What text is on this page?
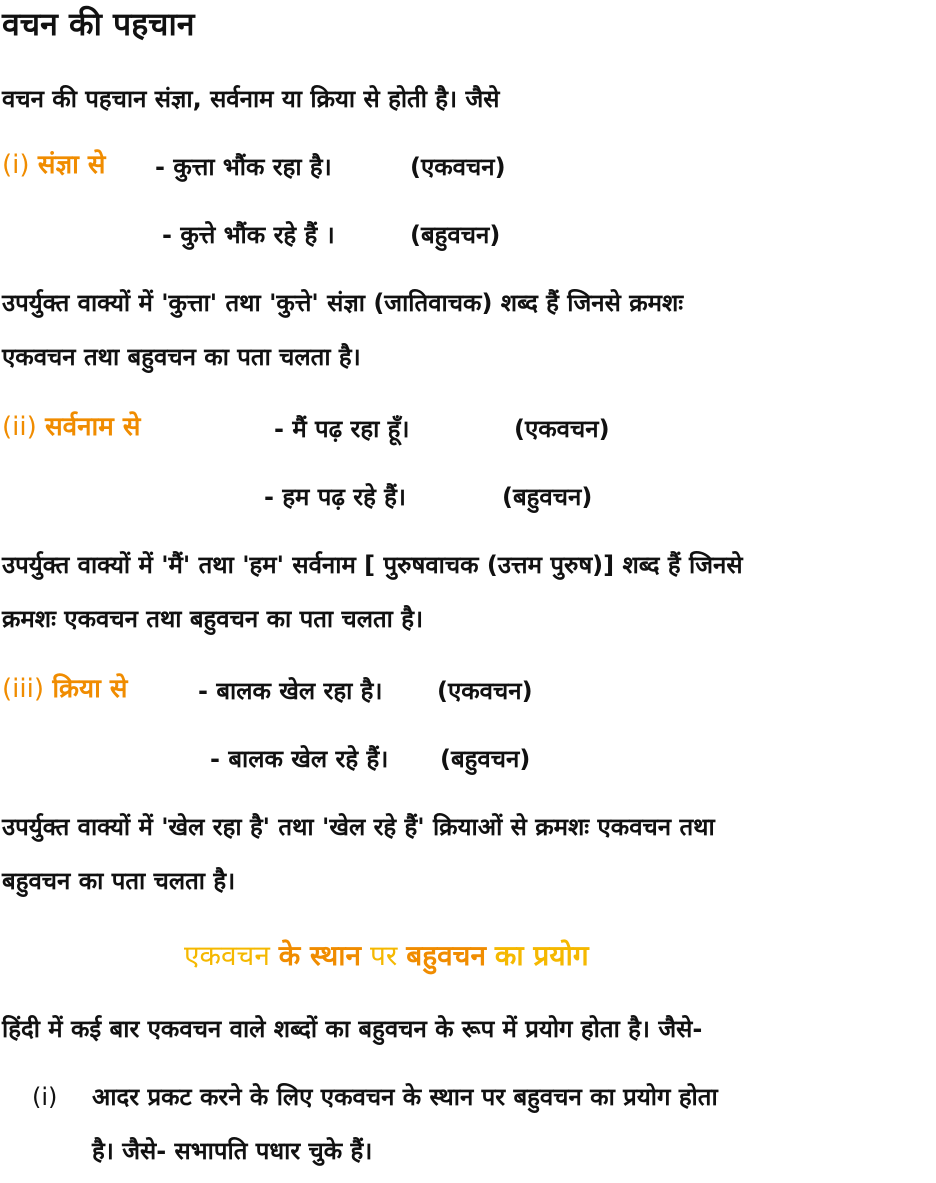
वचन की पहचान
वचन की पहचान संज्ञा, सर्वनाम या क्रिया से होती है। जैसे
(i) संज्ञा से - कुत्ता भौंक रहा है।	(एकवचन)
- कुत्ते भौंक रहे हैं ।	(बहुवचन)
उपर्युक्त वाक्यों में 'कुत्ता' तथा 'कुत्ते' संज्ञा (जातिवाचक) शब्द हैं जिनसे क्रमशः
एकवचन तथा बहुवचन का पता चलता है।
(ii) सर्वनाम से	- मैं पढ़ रहा हूँ।	(एकवचन)
- हम पढ़ रहे हैं।	(बहुवचन)
उपर्युक्त वाक्यों में 'मैं' तथा 'हम' सर्वनाम [ पुरुषवाचक (उत्तम पुरुष)] शब्द हैं जिनसे
क्रमशः एकवचन तथा बहुवचन का पता चलता है।
(iii) क्रिया से	- बालक खेल रहा है। (एकवचन)
- बालक खेल रहे हैं। (बहुवचन)
उपर्युक्त वाक्यों में 'खेल रहा है' तथा 'खेल रहे हैं' क्रियाओं से क्रमशः एकवचन तथा
बहुवचन का पता चलता है।
एकवचन के स्थान पर बहुवचन का प्रयोग
हिंदी में कई बार एकवचन वाले शब्दों का बहुवचन के रूप में प्रयोग होता है। जैसे-
(i) आदर प्रकट करने के लिए एकवचन के स्थान पर बहुवचन का प्रयोग होता
है। जैसे- सभापति पधार चुके हैं।
